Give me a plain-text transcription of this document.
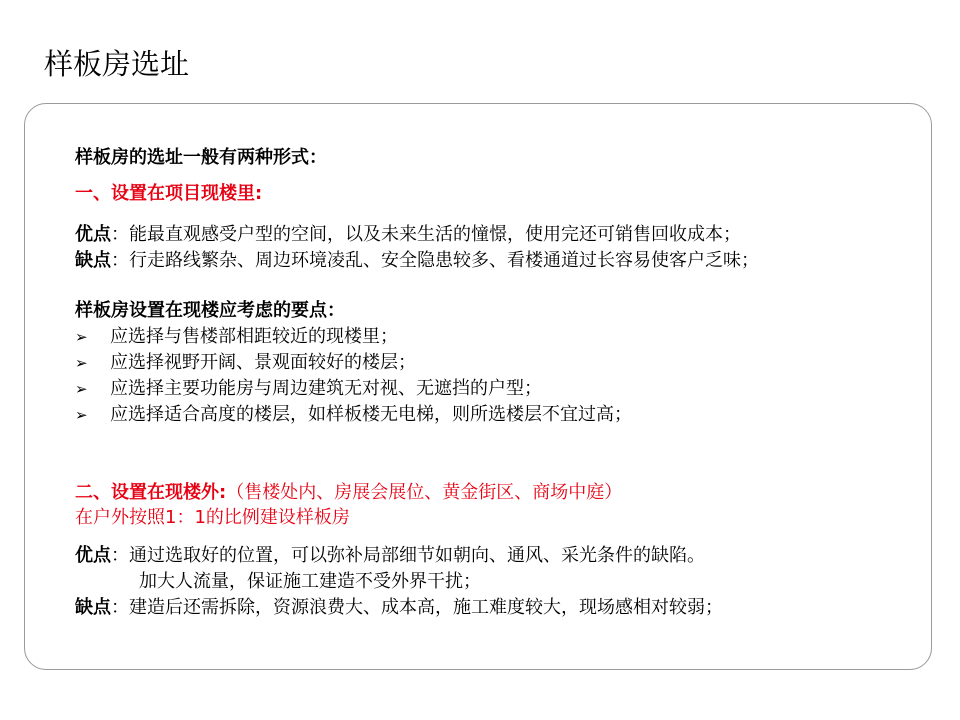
样板房选址
样板房的选址一般有两种形式：
一、设置在项目现楼里:
优点：能最直观感受户型的空间，以及未来生活的憧憬，使用完还可销售回收成本；
缺点：行走路线繁杂、周边环境凌乱、安全隐患较多、看楼通道过长容易使客户乏味；
样板房设置在现楼应考虑的要点：
➢ 应选择与售楼部相距较近的现楼里；
➢ 应选择视野开阔、景观面较好的楼层；
➢ 应选择主要功能房与周边建筑无对视、无遮挡的户型；
➢ 应选择适合高度的楼层，如样板楼无电梯，则所选楼层不宜过高；
二、设置在现楼外:（售楼处内、房展会展位、黄金街区、商场中庭）
在户外按照1：1的比例建设样板房
优点：通过选取好的位置，可以弥补局部细节如朝向、通风、采光条件的缺陷。
加大人流量，保证施工建造不受外界干扰；
缺点：建造后还需拆除，资源浪费大、成本高，施工难度较大，现场感相对较弱；
